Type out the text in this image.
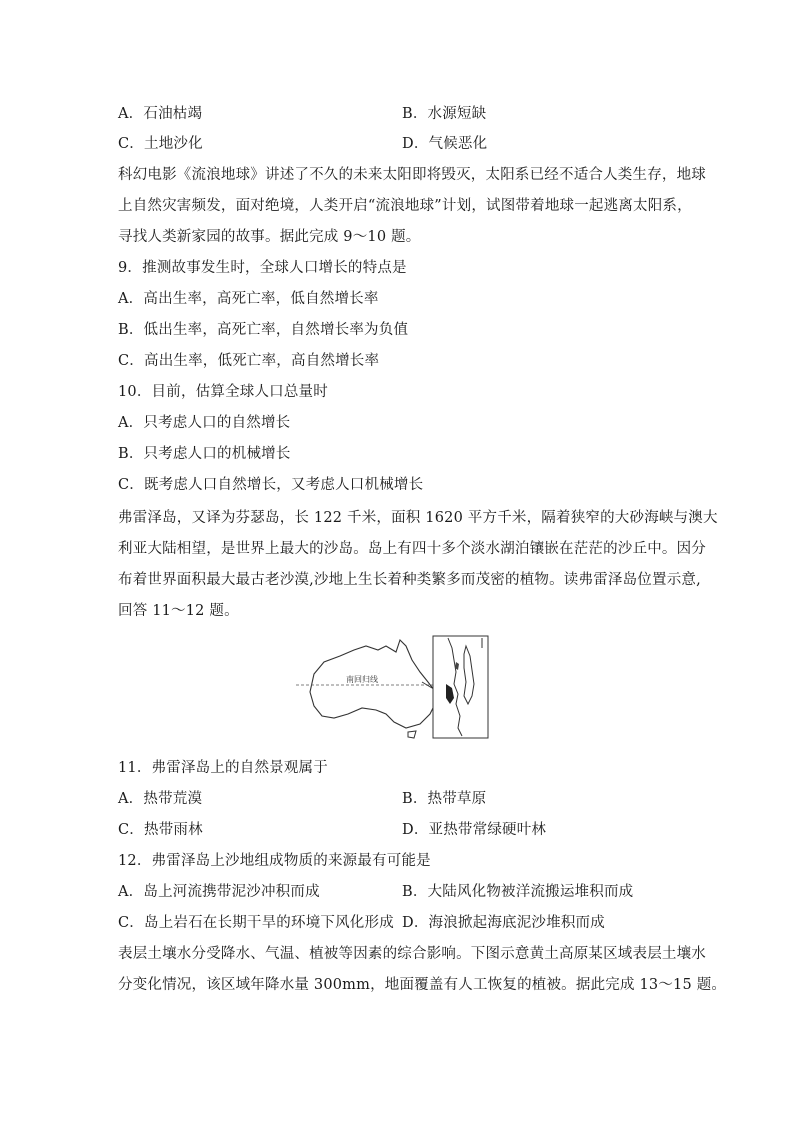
A．石油枯竭	B．水源短缺
C．土地沙化	D．气候恶化
科幻电影《流浪地球》讲述了不久的未来太阳即将毁灭，太阳系已经不适合人类生存，地球
上自然灾害频发，面对绝境，人类开启“流浪地球”计划，试图带着地球一起逃离太阳系，
寻找人类新家园的故事。据此完成 9～10 题。
9．推测故事发生时，全球人口增长的特点是
A．高出生率，高死亡率，低自然增长率
B．低出生率，高死亡率，自然增长率为负值
C．高出生率，低死亡率，高自然增长率
10．目前，估算全球人口总量时
A．只考虑人口的自然增长
B．只考虑人口的机械增长
C．既考虑人口自然增长，又考虑人口机械增长
弗雷泽岛，又译为芬瑟岛，长 122 千米，面积 1620 平方千米，隔着狭窄的大砂海峡与澳大
利亚大陆相望，是世界上最大的沙岛。岛上有四十多个淡水湖泊镶嵌在茫茫的沙丘中。因分
布着世界面积最大最古老沙漠,沙地上生长着种类繁多而茂密的植物。读弗雷泽岛位置示意,
回答 11～12 题。
南回归线
11．弗雷泽岛上的自然景观属于
A．热带荒漠	B．热带草原
C．热带雨林	D．亚热带常绿硬叶林
12．弗雷泽岛上沙地组成物质的来源最有可能是
A．岛上河流携带泥沙冲积而成	B．大陆风化物被洋流搬运堆积而成
C．岛上岩石在长期干旱的环境下风化形成 D．海浪掀起海底泥沙堆积而成
表层土壤水分受降水、气温、植被等因素的综合影响。下图示意黄土高原某区域表层土壤水
分变化情况，该区域年降水量 300mm，地面覆盖有人工恢复的植被。据此完成 13～15 题。
